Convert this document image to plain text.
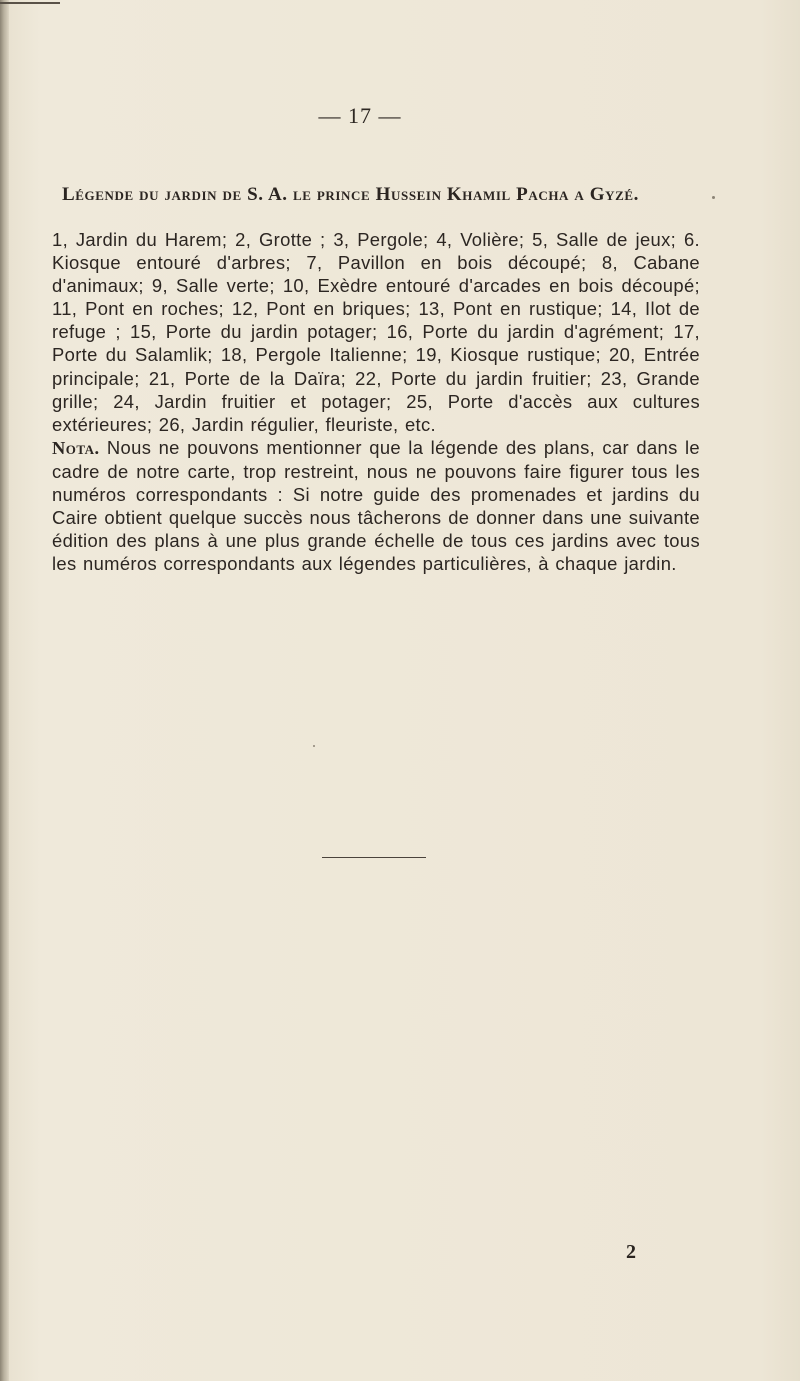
— 17 —
Légende du jardin de S. A. le prince Hussein Khamil Pacha a Gyzé.

1, Jardin du Harem; 2, Grotte ; 3, Pergole; 4, Volière; 5, Salle de jeux; 6. Kiosque entouré d'arbres; 7, Pavillon en bois découpé; 8, Cabane d'animaux; 9, Salle verte; 10, Exèdre entouré d'arcades en bois découpé; 11, Pont en roches; 12, Pont en briques; 13, Pont en rustique; 14, Ilot de refuge ; 15, Porte du jardin potager; 16, Porte du jardin d'agrément; 17, Porte du Salamlik; 18, Pergole Italienne; 19, Kiosque rustique; 20, Entrée principale; 21, Porte de la Daïra; 22, Porte du jardin fruitier; 23, Grande grille; 24, Jardin fruitier et potager; 25, Porte d'accès aux cultures extérieures; 26, Jardin régulier, fleuriste, etc.

Nota. Nous ne pouvons mentionner que la légende des plans, car dans le cadre de notre carte, trop restreint, nous ne pouvons faire figurer tous les numéros correspondants : Si notre guide des promenades et jardins du Caire obtient quelque succès nous tâcherons de donner dans une suivante édition des plans à une plus grande échelle de tous ces jardins avec tous les numéros correspondants aux légendes particulières, à chaque jardin.

2
